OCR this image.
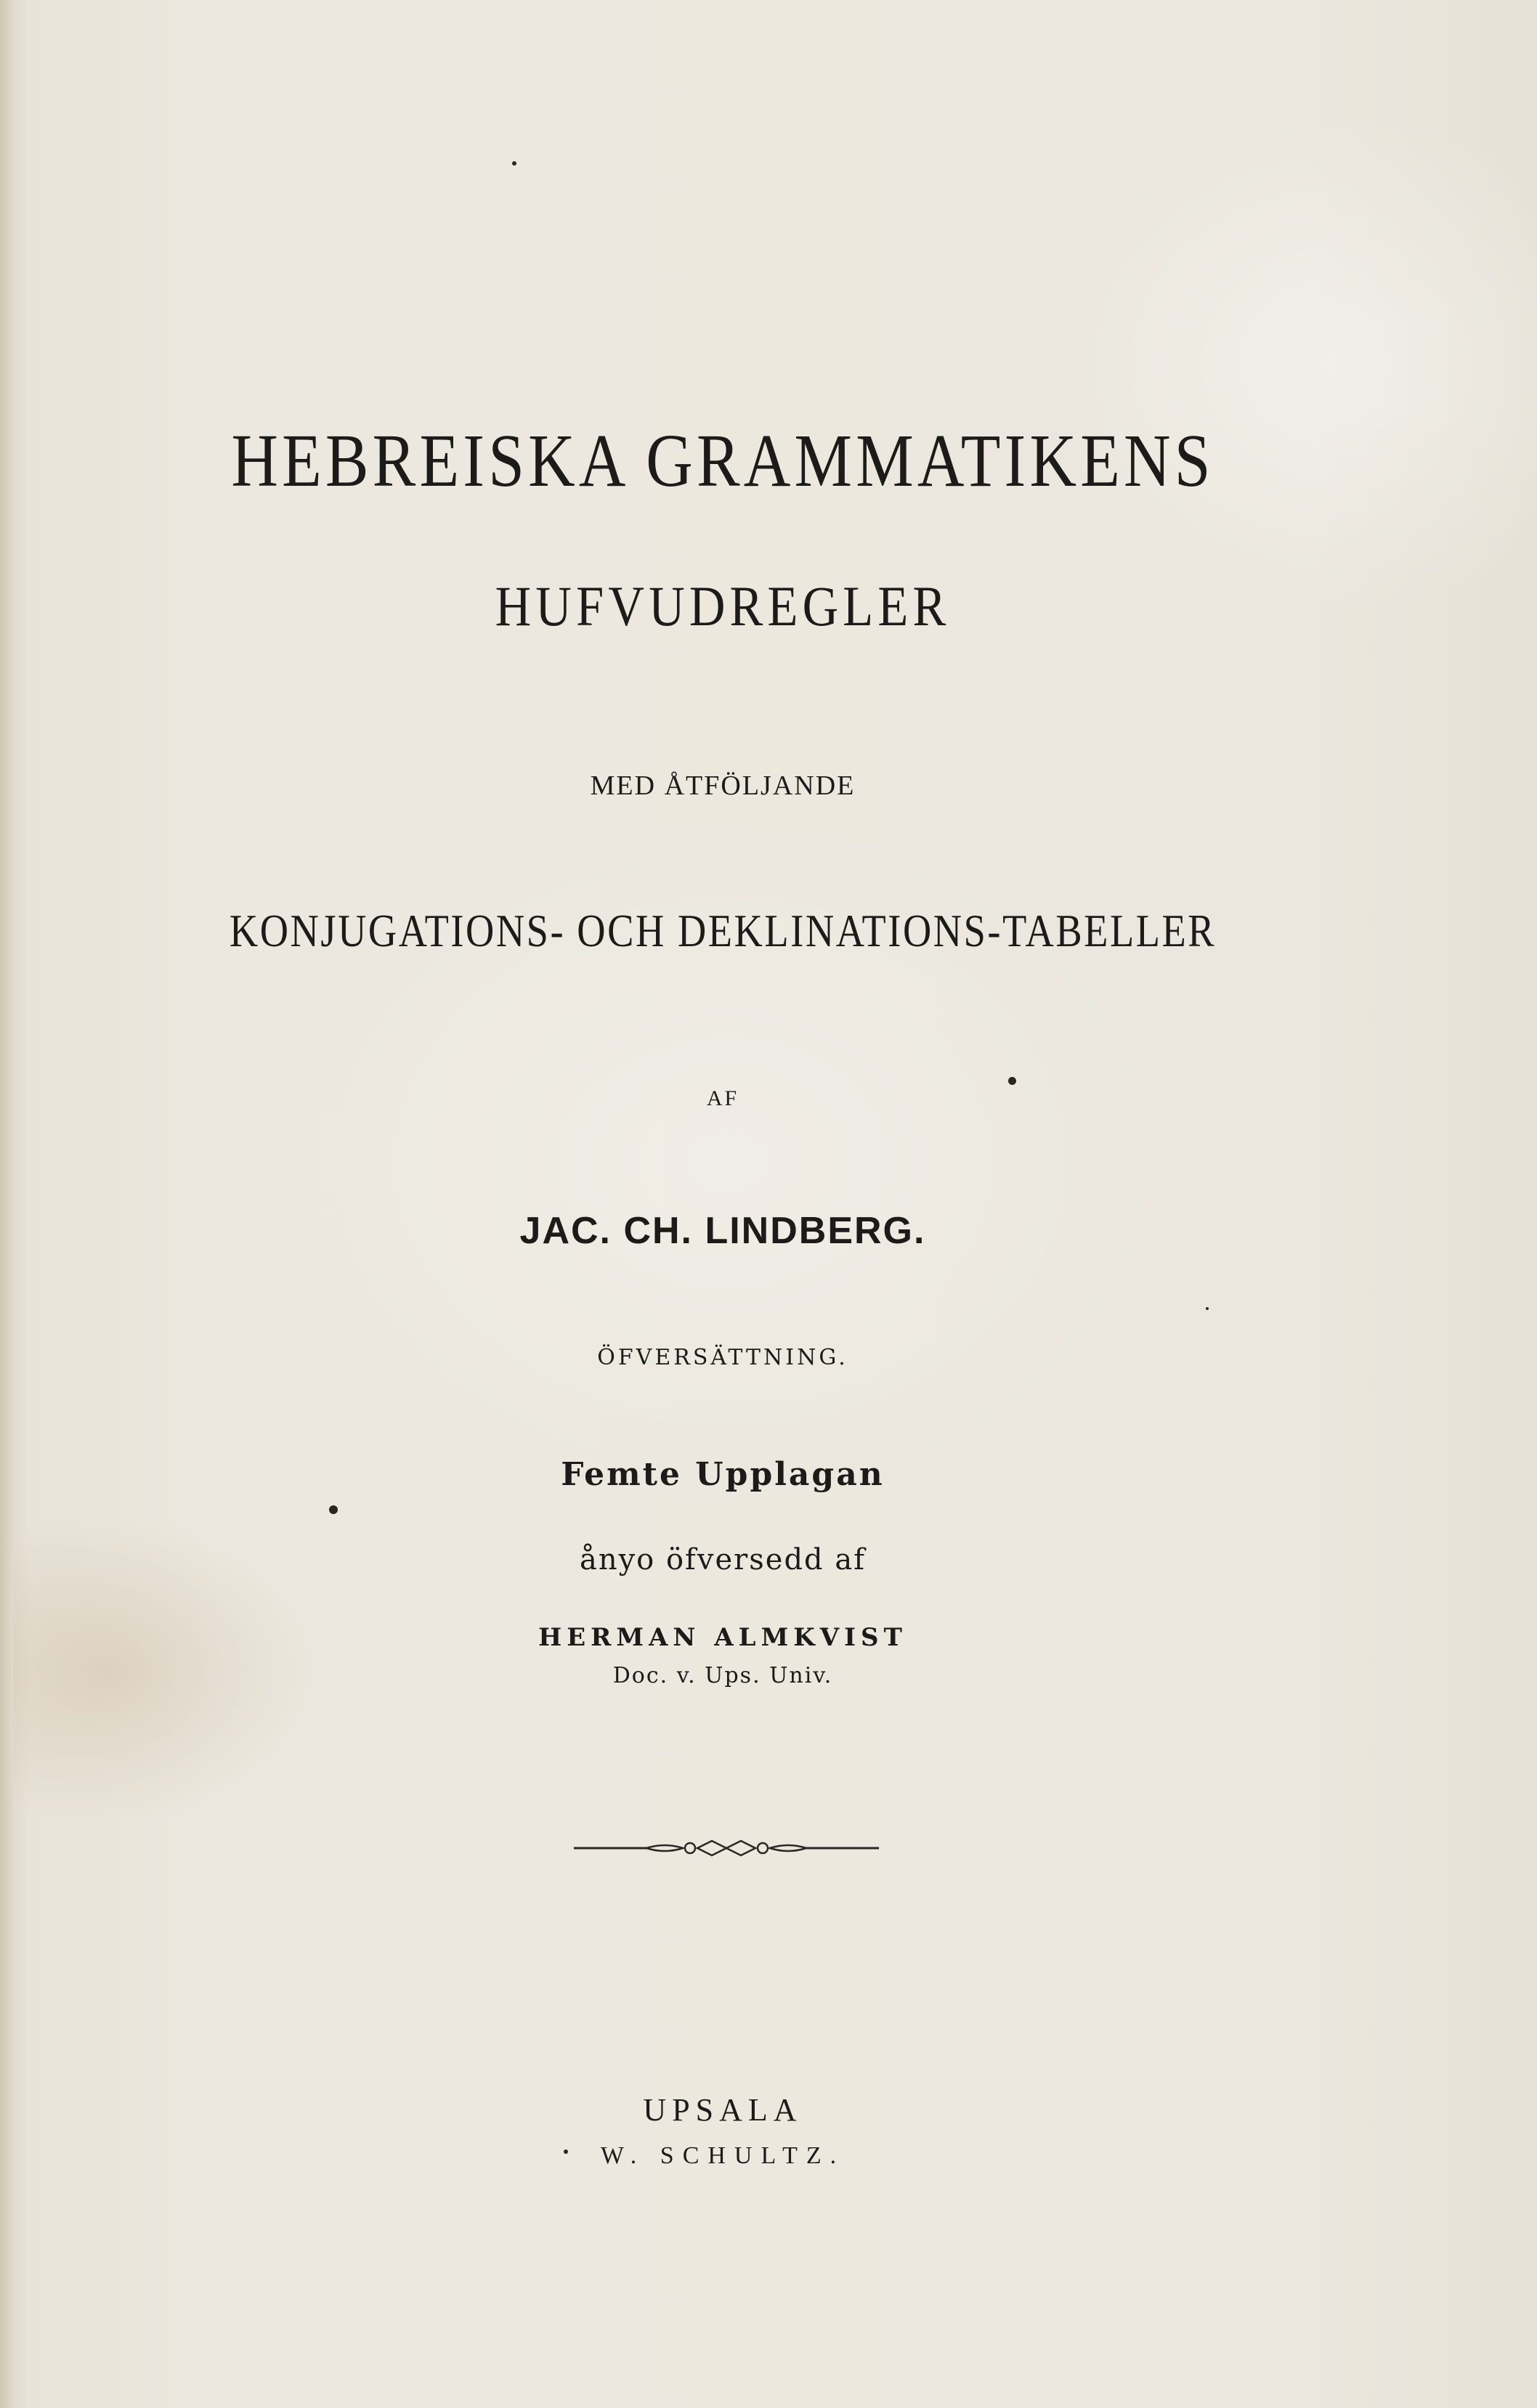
HEBREISKA GRAMMATIKENS
HUFVUDREGLER
MED ÅTFÖLJANDE
KONJUGATIONS- OCH DEKLINATIONS-TABELLER
AF
JAC. CH. LINDBERG.
ÖFVERSÄTTNING.
Femte Upplagan
ånyo öfversedd af
HERMAN ALMKVIST
Doc. v. Ups. Univ.
UPSALA
W. SCHULTZ.
